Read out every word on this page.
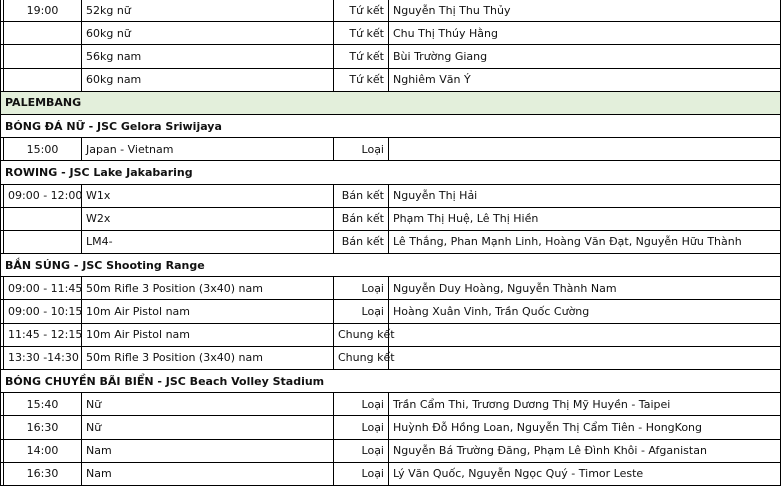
	19:00	52kg nữ	Tứ kết	Nguyễn Thị Thu Thủy
		60kg nữ	Tứ kết	Chu Thị Thúy Hằng
		56kg nam	Tứ kết	Bùi Trường Giang
		60kg nam	Tứ kết	Nghiêm Văn Ý
PALEMBANG				
BÓNG ĐÁ NỮ - JSC Gelora Sriwijaya				
	15:00	Japan - Vietnam	Loại	
ROWING - JSC Lake Jakabaring				
	09:00 - 12:00	W1x	Bán kết	Nguyễn Thị Hải
		W2x	Bán kết	Phạm Thị Huệ, Lê Thị Hiền
		LM4-	Bán kết	Lê Thắng, Phan Mạnh Linh, Hoàng Văn Đạt, Nguyễn Hữu Thành
BẮN SÚNG - JSC Shooting Range				
	09:00 - 11:45	50m Rifle 3 Position (3x40) nam	Loại	Nguyễn Duy Hoàng, Nguyễn Thành Nam
	09:00 - 10:15	10m Air Pistol nam	Loại	Hoàng Xuân Vinh, Trần Quốc Cường
	11:45 - 12:15	10m Air Pistol nam	Chung kết	
	13:30 -14:30	50m Rifle 3 Position (3x40) nam	Chung kết	
BÓNG CHUYỀN BÃI BIỂN - JSC Beach Volley Stadium				
	15:40	Nữ	Loại	Trần Cẩm Thi, Trương Dương Thị Mỹ Huyền - Taipei
	16:30	Nữ	Loại	Huỳnh Đỗ Hồng Loan, Nguyễn Thị Cẩm Tiên - HongKong
	14:00	Nam	Loại	Nguyễn Bá Trường Đăng, Phạm Lê Đình Khôi - Afganistan
	16:30	Nam	Loại	Lý Văn Quốc, Nguyễn Ngọc Quý - Timor Leste
